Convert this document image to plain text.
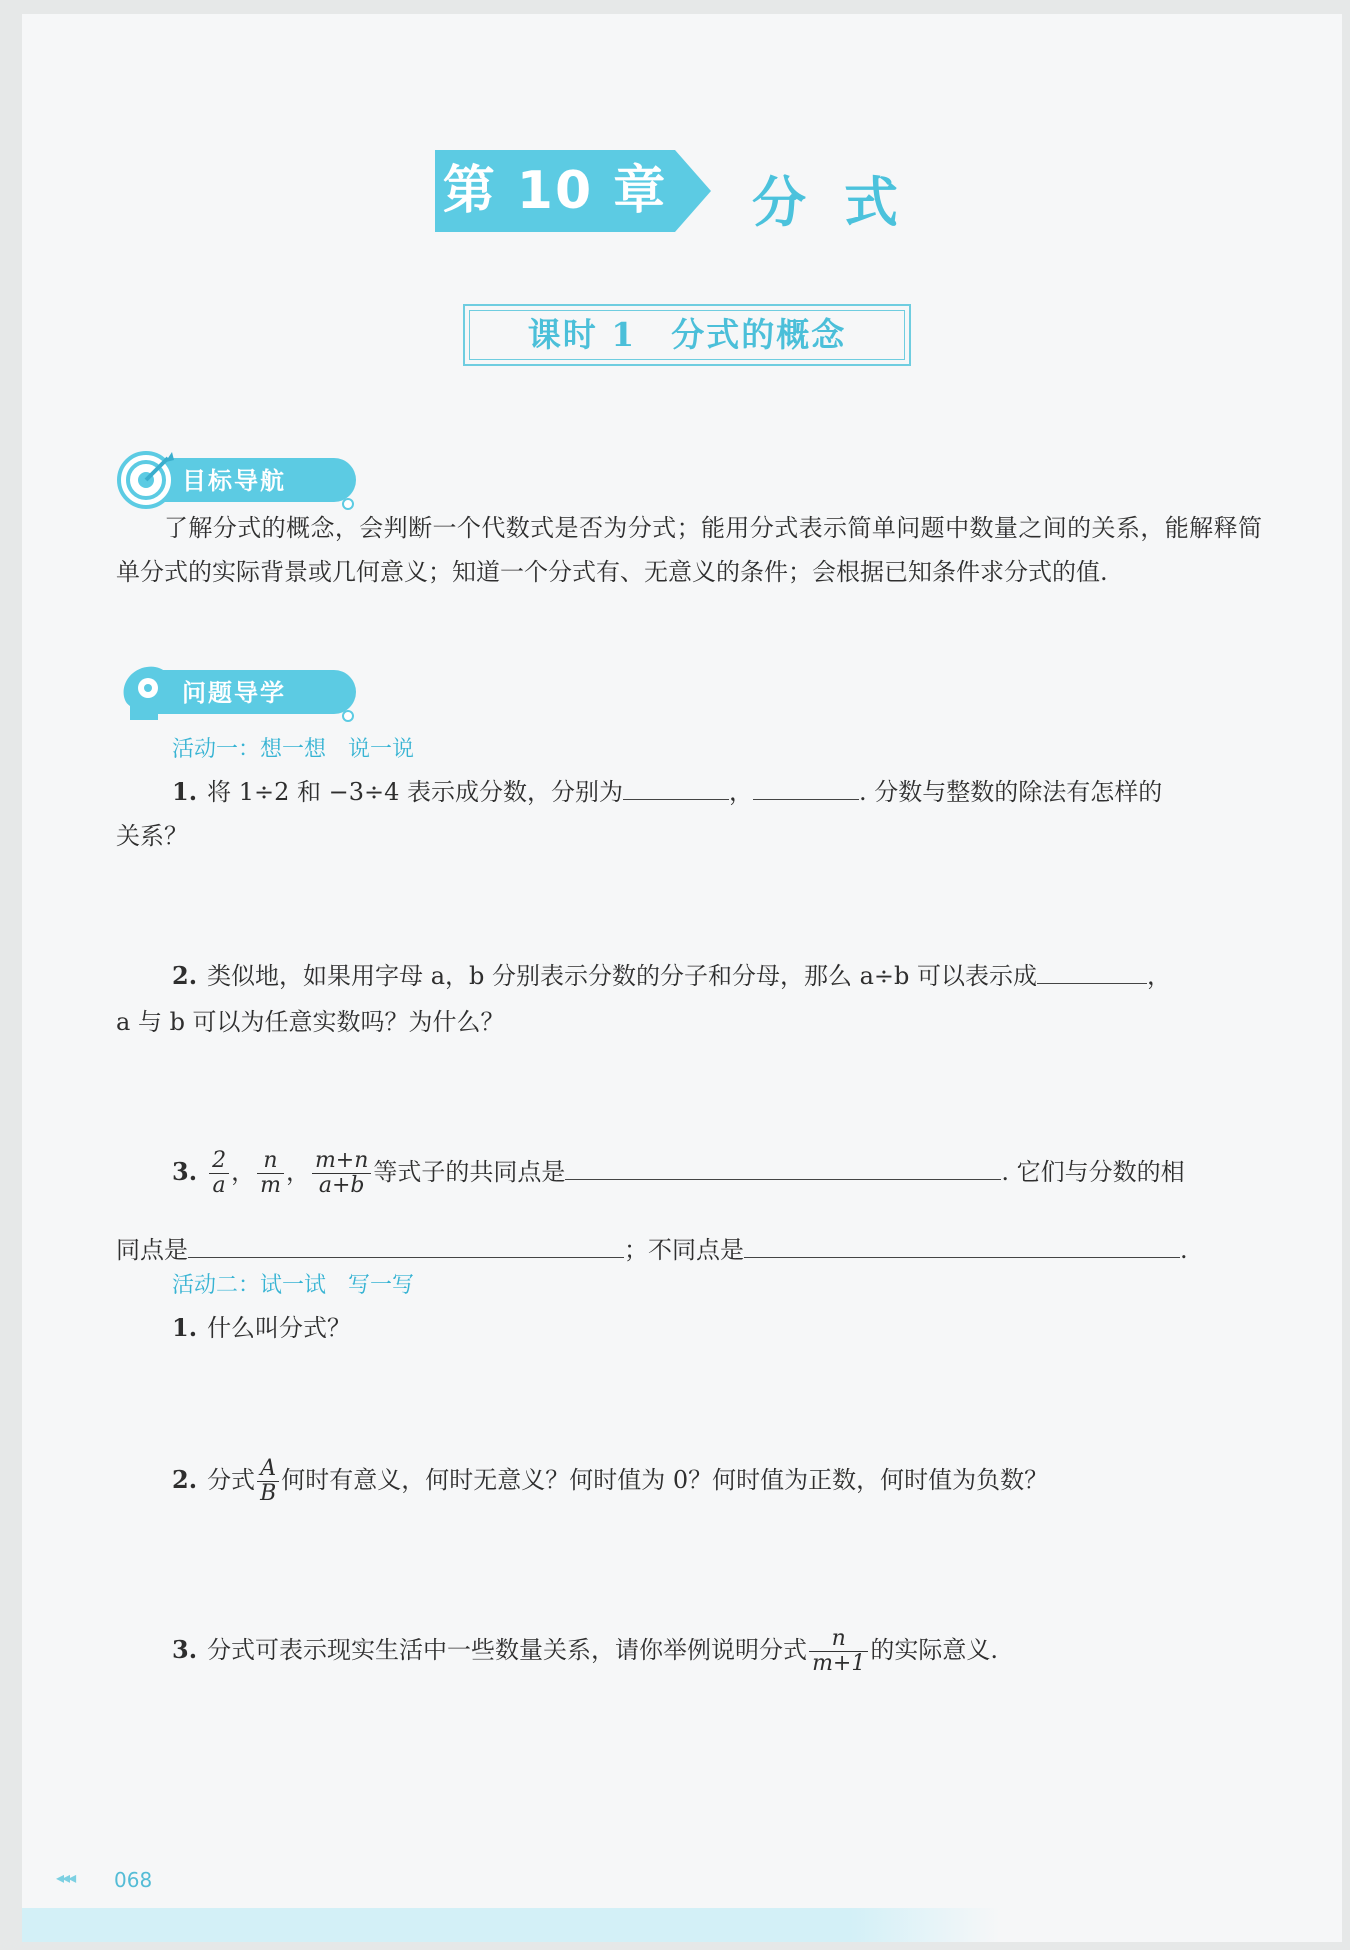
第 10 章 分式
课时 1　分式的概念
目标导航
了解分式的概念，会判断一个代数式是否为分式；能用分式表示简单问题中数量之间的关系，能解释简单分式的实际背景或几何意义；知道一个分式有、无意义的条件；会根据已知条件求分式的值.
问题导学
活动一：想一想　说一说
1. 将 1÷2 和 −3÷4 表示成分数，分别为	，	. 分数与整数的除法有怎样的
关系？
2. 类似地，如果用字母 a，b 分别表示分数的分子和分母，那么 a÷b 可以表示成	，
a 与 b 可以为任意实数吗？为什么？
3. $\frac{2}{a}$ ， $\frac{n}{m}$ ， $\frac{m+n}{a+b}$ 等式子的共同点是	. 它们与分数的相
同点是	；不同点是	.
活动二：试一试　写一写
1. 什么叫分式？
2. 分式 $\frac{A}{B}$ 何时有意义，何时无意义？何时值为 0？何时值为正数，何时值为负数？
3. 分式可表示现实生活中一些数量关系，请你举例说明分式 $\frac{n}{m+1}$ 的实际意义.
◂◂◂ 068
